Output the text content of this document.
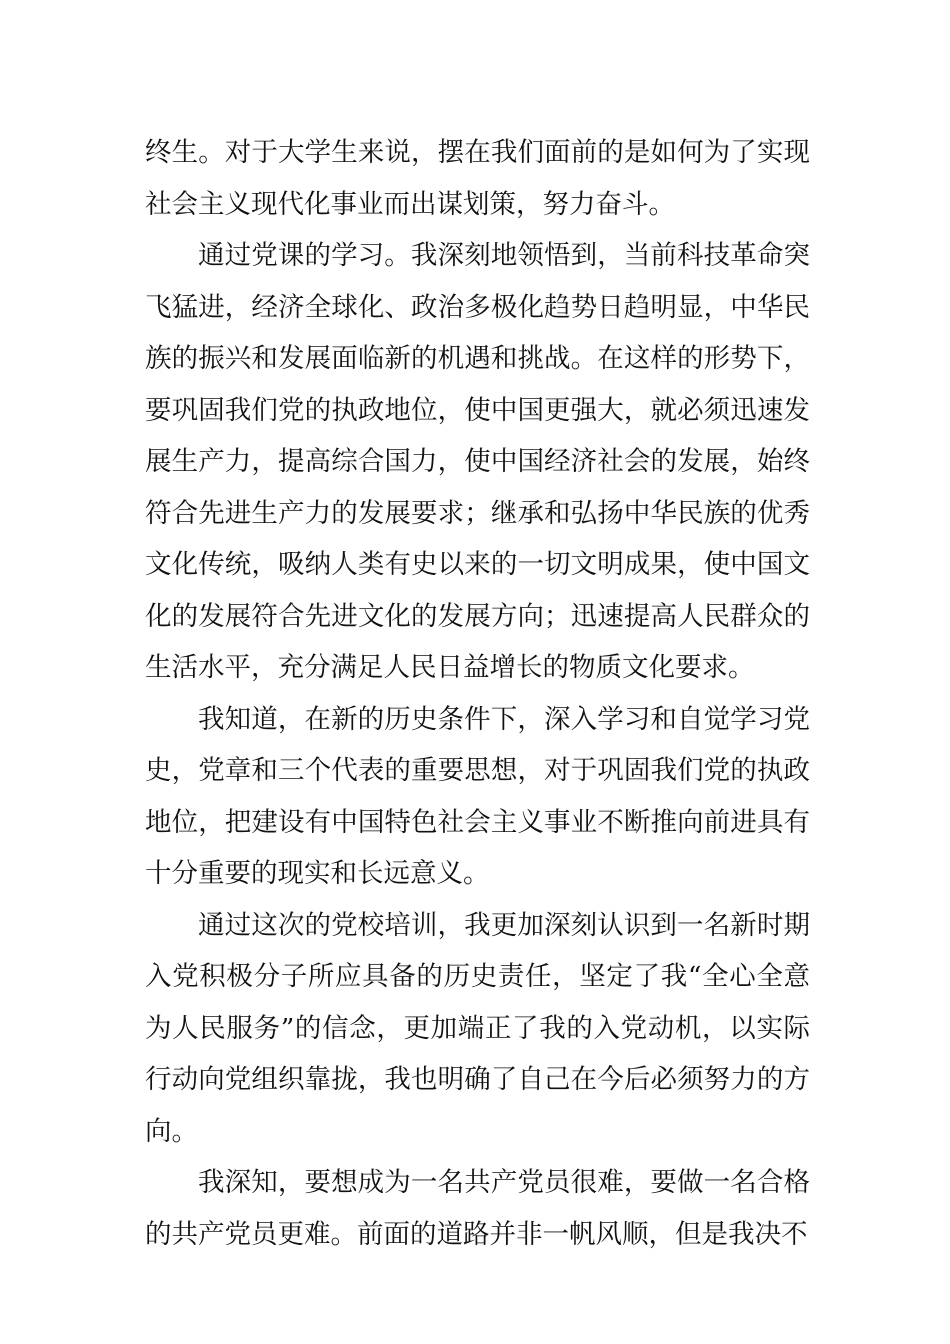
终生。对于大学生来说，摆在我们面前的是如何为了实现社会主义现代化事业而出谋划策，努力奋斗。

通过党课的学习。我深刻地领悟到，当前科技革命突飞猛进，经济全球化、政治多极化趋势日趋明显，中华民族的振兴和发展面临新的机遇和挑战。在这样的形势下，要巩固我们党的执政地位，使中国更强大，就必须迅速发展生产力，提高综合国力，使中国经济社会的发展，始终符合先进生产力的发展要求；继承和弘扬中华民族的优秀文化传统，吸纳人类有史以来的一切文明成果，使中国文化的发展符合先进文化的发展方向；迅速提高人民群众的生活水平，充分满足人民日益增长的物质文化要求。

我知道，在新的历史条件下，深入学习和自觉学习党史，党章和三个代表的重要思想，对于巩固我们党的执政地位，把建设有中国特色社会主义事业不断推向前进具有十分重要的现实和长远意义。

通过这次的党校培训，我更加深刻认识到一名新时期入党积极分子所应具备的历史责任，坚定了我“全心全意为人民服务”的信念，更加端正了我的入党动机，以实际行动向党组织靠拢，我也明确了自己在今后必须努力的方向。

我深知，要想成为一名共产党员很难，要做一名合格的共产党员更难。前面的道路并非一帆风顺，但是我决不
